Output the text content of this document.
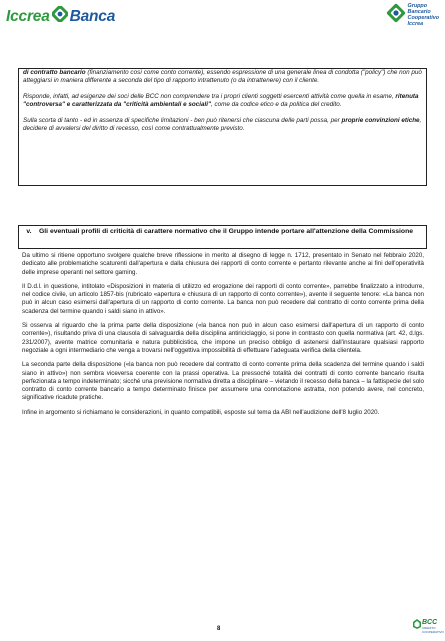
Iccrea Banca
Gruppo
Bancario
Cooperativo
Iccrea

di contratto bancario (finanziamento così come conto corrente), essendo espressione di una generale linea di condotta ("policy") che non può atteggiarsi in maniera differente a seconda del tipo di rapporto intrattenuto (o da intrattenere) con il cliente.

Risponde, infatti, ad esigenze dei soci delle BCC non comprendere tra i propri clienti soggetti esercenti attività come quella in esame, ritenuta "controversa" e caratterizzata da "criticità ambientali e sociali", come da codice etico e da politica del credito.

Sulla scorta di tanto - ed in assenza di specifiche limitazioni - ben può ritenersi che ciascuna delle parti possa, per proprie convinzioni etiche, decidere di avvalersi del diritto di recesso, così come contrattualmente previsto.

v.	Gli eventuali profili di criticità di carattere normativo che il Gruppo intende portare all'attenzione della Commissione

Da ultimo si ritiene opportuno svolgere qualche breve riflessione in merito al disegno di legge n. 1712, presentato in Senato nel febbraio 2020, dedicato alle problematiche scaturenti dall'apertura e dalla chiusura dei rapporti di conto corrente e pertanto rilevante anche ai fini dell'operatività delle imprese operanti nel settore gaming.

Il D.d.l. in questione, intitolato «Disposizioni in materia di utilizzo ed erogazione dei rapporti di conto corrente», parrebbe finalizzato a introdurre, nel codice civile, un articolo 1857-bis (rubricato «apertura e chiusura di un rapporto di conto corrente»), avente il seguente tenore: «La banca non può in alcun caso esimersi dall'apertura di un rapporto di conto corrente. La banca non può recedere dal contratto di conto corrente prima della scadenza del termine quando i saldi siano in attivo».

Si osserva al riguardo che la prima parte della disposizione («la banca non può in alcun caso esimersi dall'apertura di un rapporto di conto corrente»), risultando priva di una clausola di salvaguardia della disciplina antiriciclaggio, si pone in contrasto con quella normativa (art. 42, d.lgs. 231/2007), avente matrice comunitaria e natura pubblicistica, che impone un preciso obbligo di astenersi dall'instaurare qualsiasi rapporto negoziale a ogni intermediario che venga a trovarsi nell'oggettiva impossibilità di effettuare l'adeguata verifica della clientela.

La seconda parte della disposizione («la banca non può recedere dal contratto di conto corrente prima della scadenza del termine quando i saldi siano in attivo») non sembra viceversa coerente con la prassi operativa. La pressoché totalità dei contratti di conto corrente bancario risulta perfezionata a tempo indeterminato; sicché una previsione normativa diretta a disciplinare – vietando il recesso della banca – la fattispecie del solo contratto di conto corrente bancario a tempo determinato finisce per assumere una connotazione astratta, non potendo avere, nel concreto, significative ricadute pratiche.

Infine in argomento si richiamano le considerazioni, in quanto compatibili, esposte sul tema da ABI nell'audizione dell'8 luglio 2020.

8
BCC
CREDITO COOPERATIVO
